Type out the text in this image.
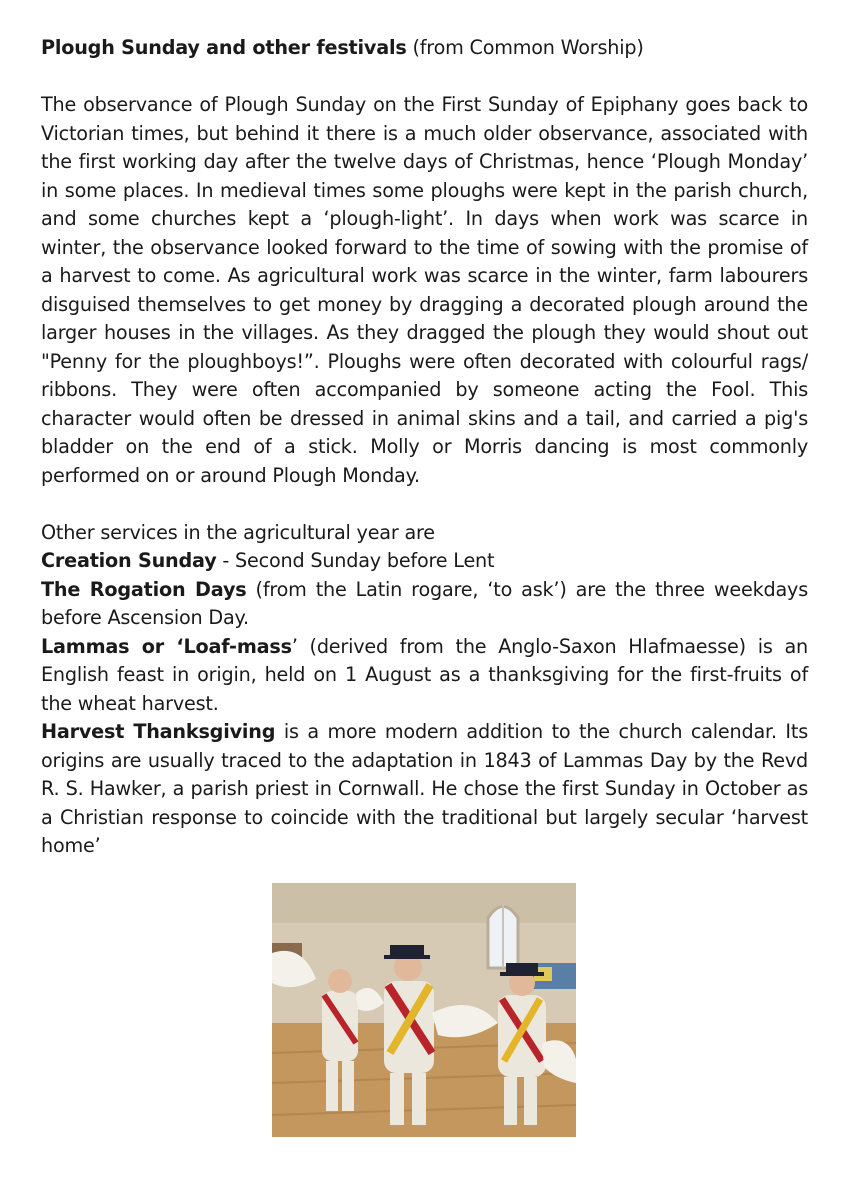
Plough Sunday and other festivals (from Common Worship)

The observance of Plough Sunday on the First Sunday of Epiphany goes back to Victorian times, but behind it there is a much older observance, associated with the first working day after the twelve days of Christmas, hence ‘Plough Monday’ in some places. In medieval times some ploughs were kept in the parish church, and some churches kept a ‘plough-light’. In days when work was scarce in winter, the observance looked forward to the time of sowing with the promise of a harvest to come. As agricultural work was scarce in the winter, farm labourers disguised themselves to get money by dragging a decorated plough around the larger houses in the villages. As they dragged the plough they would shout out "Penny for the ploughboys!”. Ploughs were often decorated with colourful rags/ ribbons. They were often accompanied by someone acting the Fool. This character would often be dressed in animal skins and a tail, and carried a pig's bladder on the end of a stick. Molly or Morris dancing is most commonly performed on or around Plough Monday.

Other services in the agricultural year are

Creation Sunday - Second Sunday before Lent

The Rogation Days (from the Latin rogare, ‘to ask’) are the three weekdays before Ascension Day.

Lammas or ‘Loaf-mass’ (derived from the Anglo-Saxon Hlafmaesse) is an English feast in origin, held on 1 August as a thanksgiving for the first-fruits of the wheat harvest.

Harvest Thanksgiving is a more modern addition to the church calendar. Its origins are usually traced to the adaptation in 1843 of Lammas Day by the Revd R. S. Hawker, a parish priest in Cornwall. He chose the first Sunday in October as a Christian response to coincide with the traditional but largely secular ‘harvest home’
